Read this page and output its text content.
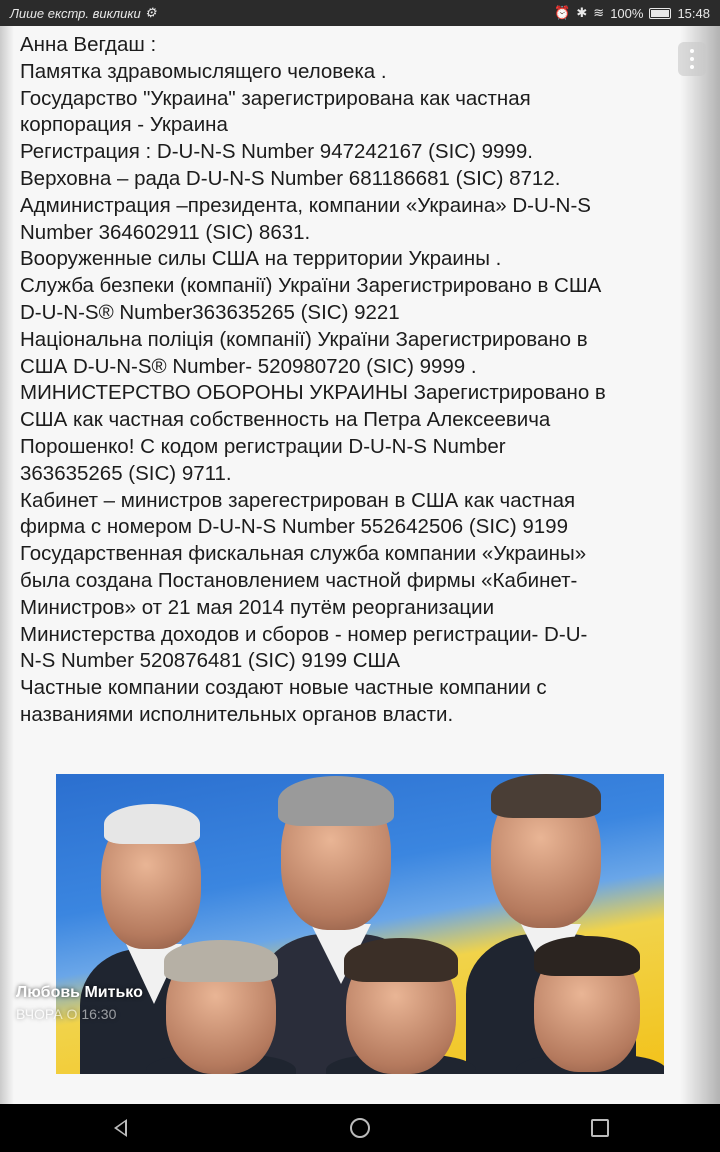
Лише екстр. виклики ⚙	⏰ ✱ ≋ 100%	15:48
Анна Вегдаш :
Памятка здравомыслящего человека .
Государство "Украина" зарегистрирована как частная
корпорация - Украина
Регистрация : D-U-N-S Number 947242167 (SIC) 9999.
Верховна – рада D-U-N-S Number 681186681 (SIC) 8712.
Администрация –президента, компании «Украина» D-U-N-S
Number 364602911 (SIC) 8631.
Вооруженные силы США на территории Украины .
Служба безпеки (компанії) України Зарегистрировано в США
D-U-N-S® Number363635265 (SIC) 9221
Національна поліція (компанії) України Зарегистрировано в
США D-U-N-S® Number- 520980720 (SIC) 9999 .
МИНИСТЕРСТВО ОБОРОНЫ УКРАИНЫ Зарегистрировано в
США как частная собственность на Петра Алексеевича
Порошенко! С кодом регистрации D-U-N-S Number
363635265 (SIC) 9711.
Кабинет – министров зарегестрирован в США как частная
фирма с номером D-U-N-S Number 552642506 (SIC) 9199
Государственная фискальная служба компании «Украины»
была создана Постановлением частной фирмы «Кабинет-
Министров» от 21 мая 2014 путём реорганизации
Министерства доходов и сборов - номер регистрации- D-U-
N-S Number 520876481 (SIC) 9199 США
Частные компании создают новые частные компании с
названиями исполнительных органов власти.
Любовь Митько
ВЧОРА О 16:30
